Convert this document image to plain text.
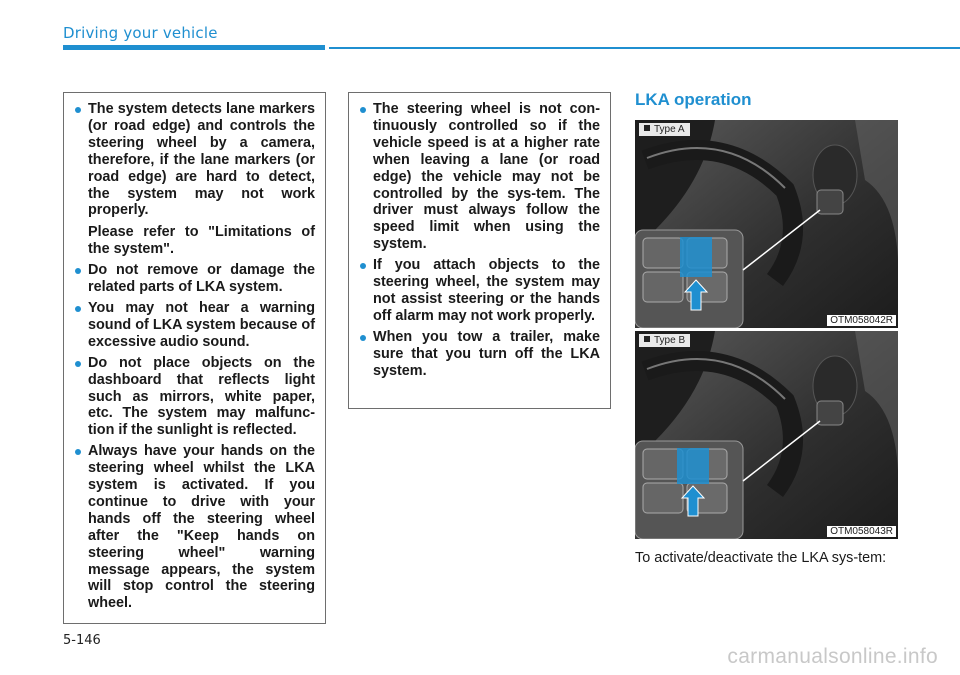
Driving your vehicle
The system detects lane markers (or road edge) and controls the steering wheel by a camera, therefore, if the lane markers (or road edge) are hard to detect, the system may not work properly.
Please refer to "Limitations of the system".
Do not remove or damage the related parts of LKA system.
You may not hear a warning sound of LKA system because of excessive audio sound.
Do not place objects on the dashboard that reflects light such as mirrors, white paper, etc. The system may malfunc-tion if the sunlight is reflected.
Always have your hands on the steering wheel whilst the LKA system is activated. If you continue to drive with your hands off the steering wheel after the "Keep hands on steering wheel" warning message appears, the system will stop control the steering wheel.
The steering wheel is not con-tinuously controlled so if the vehicle speed is at a higher rate when leaving a lane (or road edge) the vehicle may not be controlled by the sys-tem. The driver must always follow the speed limit when using the system.
If you attach objects to the steering wheel, the system may not assist steering or the hands off alarm may not work properly.
When you tow a trailer, make sure that you turn off the LKA system.
LKA operation
Type A
OTM058042R
Type B
OTM058043R
To activate/deactivate the LKA sys-tem:
5-146
carmanualsonline.info
